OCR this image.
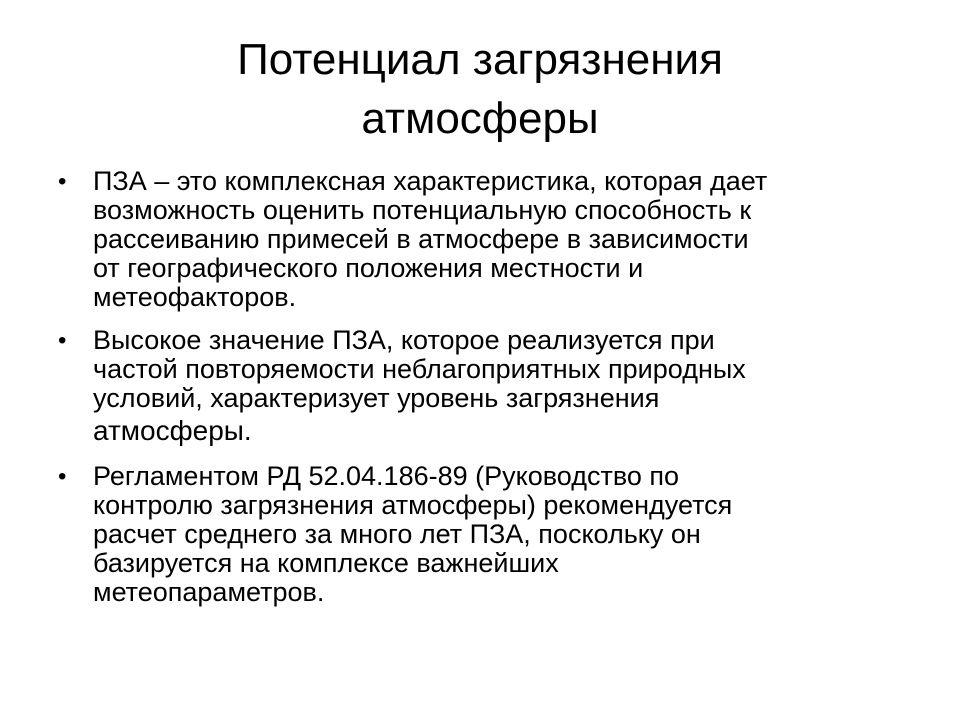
Потенциал загрязнения
атмосферы
• ПЗА – это комплексная характеристика, которая дает
возможность оценить потенциальную способность к
рассеиванию примесей в атмосфере в зависимости
от географического положения местности и
метеофакторов.
• Высокое значение ПЗА, которое реализуется при
частой повторяемости неблагоприятных природных
условий, характеризует уровень загрязнения
атмосферы.
• Регламентом РД 52.04.186-89 (Руководство по
контролю загрязнения атмосферы) рекомендуется
расчет среднего за много лет ПЗА, поскольку он
базируется на комплексе важнейших
метеопараметров.
